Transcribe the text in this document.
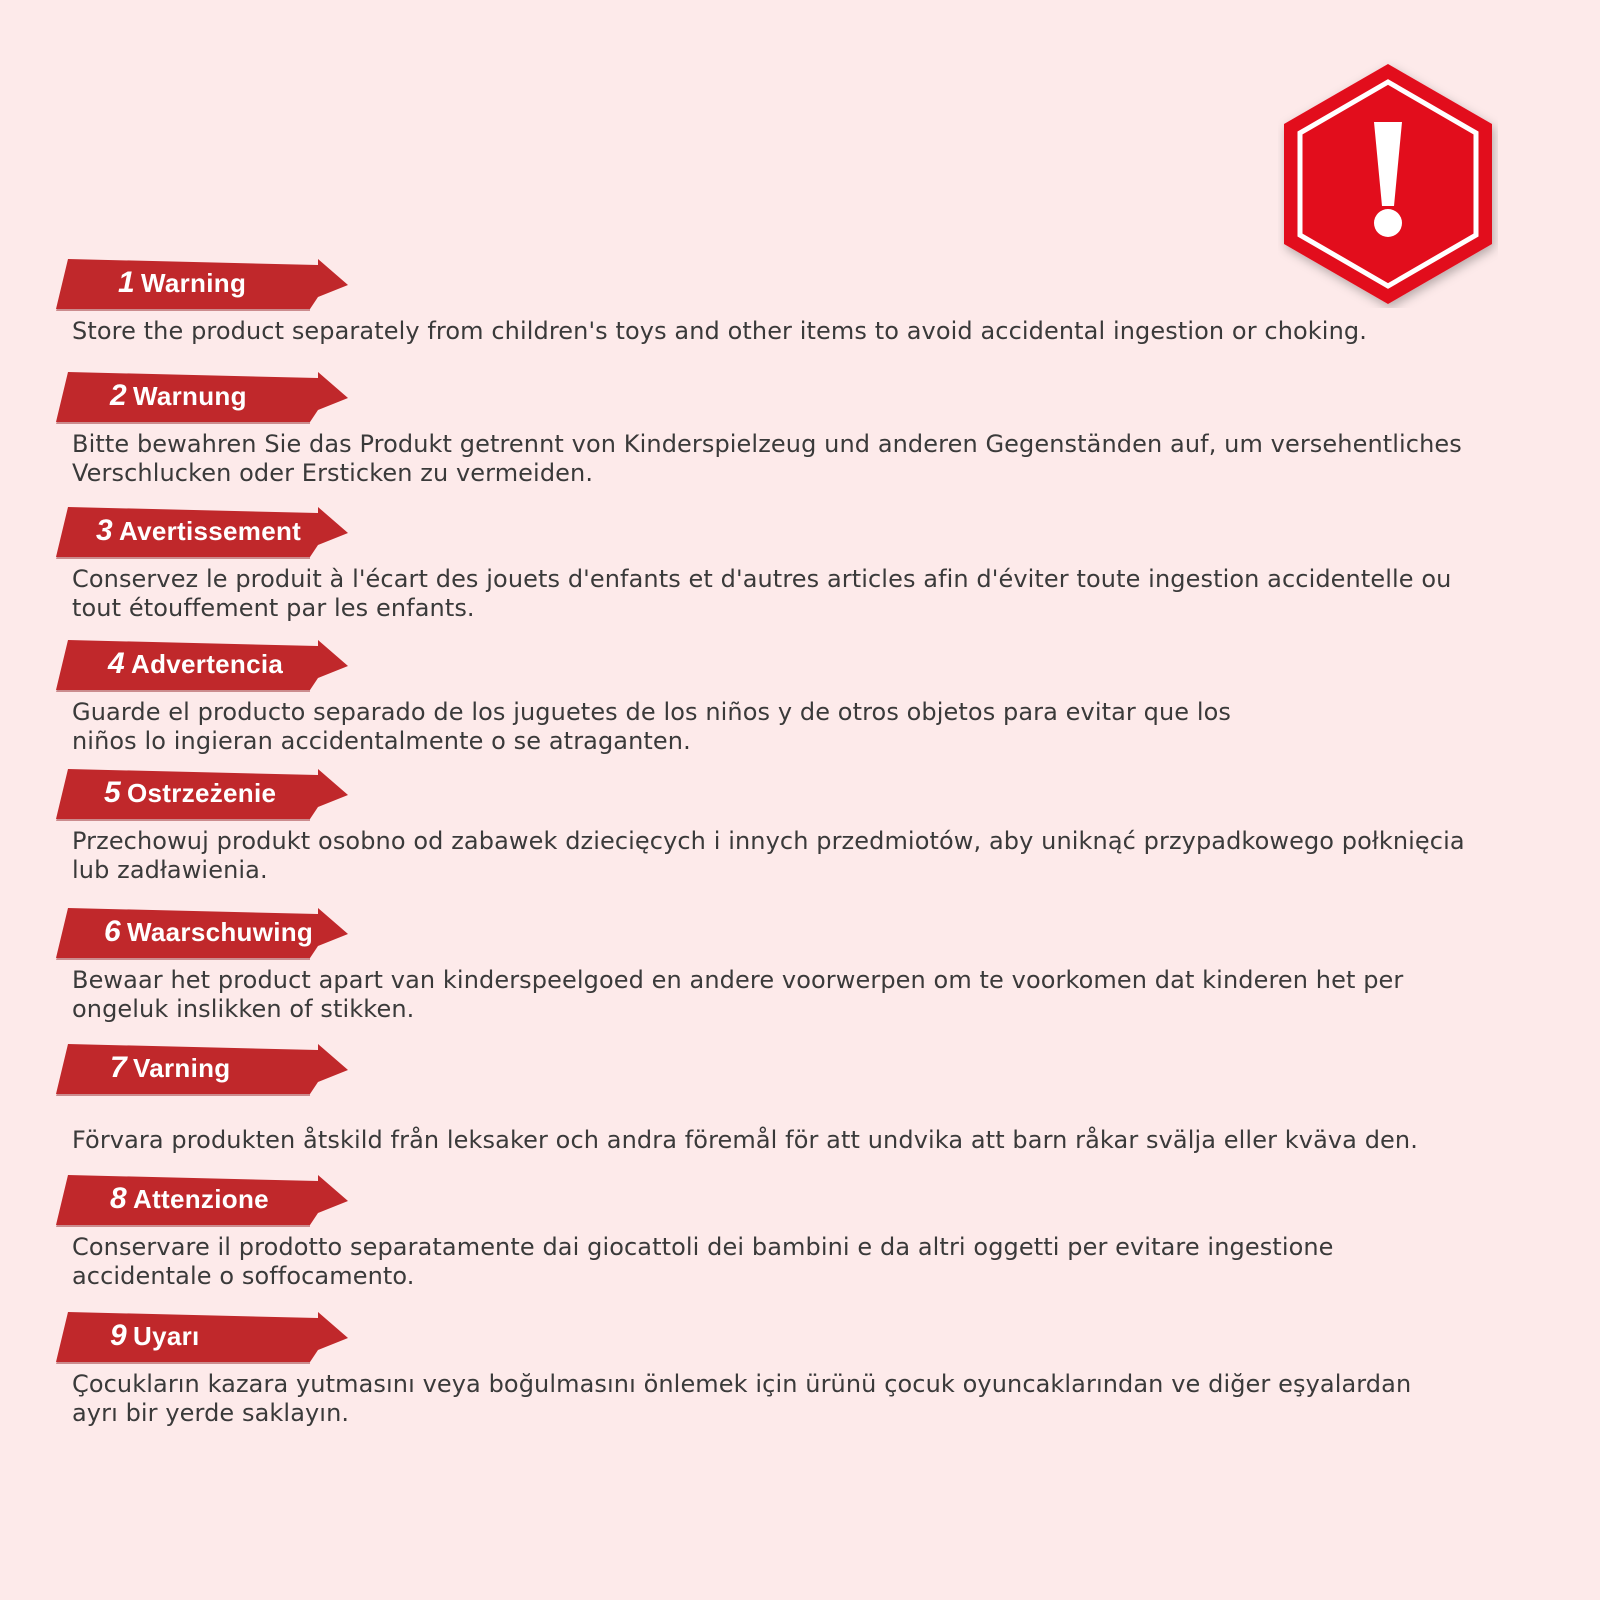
1 Warning
Store the product separately from children's toys and other items to avoid accidental ingestion or choking.
2 Warnung
Bitte bewahren Sie das Produkt getrennt von Kinderspielzeug und anderen Gegenständen auf, um versehentliches Verschlucken oder Ersticken zu vermeiden.
3 Avertissement
Conservez le produit à l'écart des jouets d'enfants et d'autres articles afin d'éviter toute ingestion accidentelle ou tout étouffement par les enfants.
4 Advertencia
Guarde el producto separado de los juguetes de los niños y de otros objetos para evitar que los niños lo ingieran accidentalmente o se atraganten.
5 Ostrzeżenie
Przechowuj produkt osobno od zabawek dziecięcych i innych przedmiotów, aby uniknąć przypadkowego połknięcia lub zadławienia.
6 Waarschuwing
Bewaar het product apart van kinderspeelgoed en andere voorwerpen om te voorkomen dat kinderen het per ongeluk inslikken of stikken.
7 Varning
Förvara produkten åtskild från leksaker och andra föremål för att undvika att barn råkar svälja eller kväva den.
8 Attenzione
Conservare il prodotto separatamente dai giocattoli dei bambini e da altri oggetti per evitare ingestione accidentale o soffocamento.
9 Uyarı
Çocukların kazara yutmasını veya boğulmasını önlemek için ürünü çocuk oyuncaklarından ve diğer eşyalardan ayrı bir yerde saklayın.
